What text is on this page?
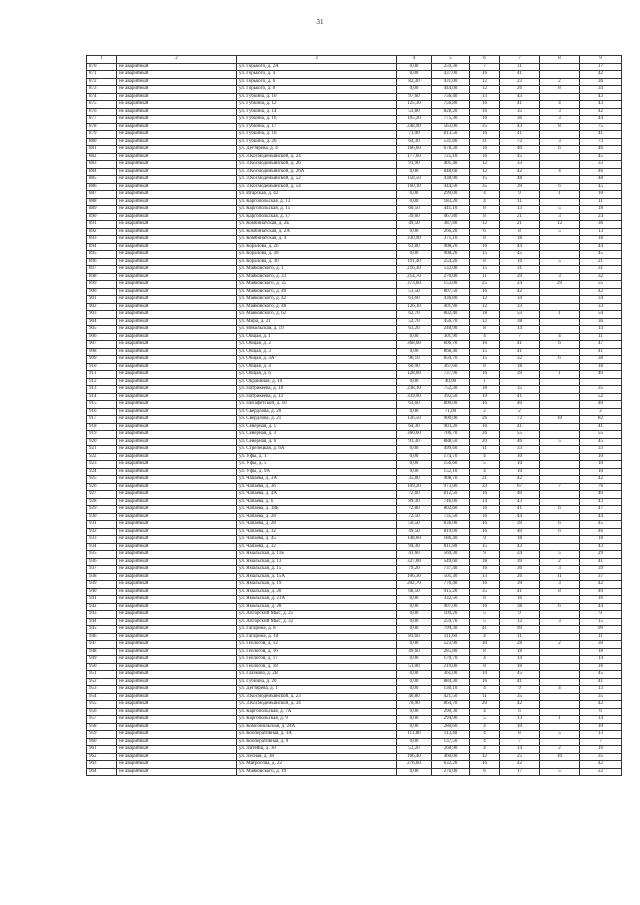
31
1	2	3	4	5	6	7	8	9
870	не аварийный	ул. Горького, д. 2А	0,00	259,30	7	11		17
871	не аварийный	ул. Горького, д. 4	0,00	437,00	16	41		42
872	не аварийный	ул. Горького, д. 6	82,30	431,00	12	23	2	36
873	не аварийный	ул. Горького, д. 8	0,00	444,00	12	26	8	34
874	не аварийный	ул. Губкина, д. 10	97,60	756,40	13	43		43
875	не аварийный	ул. Губкина, д. 12	125,30	756,80	16	41	4	43
876	не аварийный	ул. Губкина, д. 14	53,80	828,20	16	35	3	42
877	не аварийный	ул. Губкина, д. 16	105,20	775,30	16	36	3	44
878	не аварийный	ул. Губкина, д. 17	248,90	563,00	35	43	8	75
879	не аварийный	ул. Губкина, д. 18	71,90	813,50	16	41		41
880	не аварийный	ул. Губкина, д. 20	64,30	531,80	31	72	3	73
881	не аварийный	ул. Дегтярёва, д. 4	166,60	678,30	16	40	6	46
882	не аварийный	ул. З.Космодемьянской, д. 24	177,60	725,10	16	45		45
883	не аварийный	ул. З.Космодемьянской, д. 26	91,90	401,40	12	33		33
884	не аварийный	ул. З.Космодемьянской, д. 26А	0,00	848,60	12	42	4	46
885	не аварийный	ул. З.Космодемьянской, д. 52	158,50	438,90	15	48		48
886	не аварийный	ул. З.Космодемьянской, д. 54	160,10	444,50	35	39	6	45
887	не аварийный	ул. Игарская, д. 42	0,00	299,00	4	9	1	10
888	не аварийный	ул. Каргопольская, д. 13	0,00	183,20	4	11		11
889	не аварийный	ул. Каргопольская, д. 15	60,50	441,10	8	13	5	18
890	не аварийный	ул. Каргопольская, д. 17	39,60	467,80	8	21	3	24
891	не аварийный	ул. Комбинатская, д. 2Б	49,50	387,80	12	21	12	36
892	не аварийный	ул. Комбинатская, д. 2А	0,00	266,20	6	8	5	13
893	не аварийный	ул. Комбинатская, д. 4	330,90	371,10	8	18		18
894	не аварийный	ул. Коралова, д. 26	63,80	908,20	16	44		44
895	не аварийный	ул. Коралова, д. 28	0,00	908,20	15	45		45
896	не аварийный	ул. Коралова, д. 30	191,40	254,20	8	16	5	21
897	не аварийный	ул. Маяковского, д. 1	216,30	532,00	15	31		31
898	не аварийный	ул. Маяковского, д. 23	214,70	270,00	11	29	3	32
899	не аварийный	ул. Маяковского, д. 35	373,60	153,00	25	24	29	55
900	не аварийный	ул. Маяковского, д. 40	51,50	807,50	16	42		42
901	не аварийный	ул. Маяковского, д. 42	61,60	436,80	12	34		34
902	не аварийный	ул. Маяковского, д. 48	126,10	401,90	12	33		33
903	не аварийный	ул. Маяковского, д. 62	62,70	802,40	18	53	1	54
904	не аварийный	ул. Мира, д. 21	52,70	456,70	12	38		36
905	не аварийный	ул. Никольская, д. 19	63,20	240,90	8	14		14
906	не аварийный	ул. Общая, д. 1	0,00	301,90	4	7	4	11
907	не аварийный	ул. Общая, д. 2	368,60	606,70	16	41	6	47
908	не аварийный	ул. Общая, д. 3	0,00	868,40	15	41		41
909	не аварийный	ул. Общая, д. 3А	96,10	850,70	15	32	6	38
910	не аварийный	ул. Общая, д. 4	60,90	367,60	8	18		18
911	не аварийный	ул. Общая, д. 6	128,00	737,90	16	39	1	40
912	не аварийный	ул. Окраинная, д. 16	0,00	40,00	1			
913	не аварийный	ул. Патрикеева, д. 10	238,10	752,30	18	35		35
914	не аварийный	ул. Патрикеева, д. 12	339,90	392,50	19	41		52
915	не аварийный	ул. Пигафетской, д. 10	63,60	800,00	16	40		40
916	не аварийный	ул. Свердлова, д. 20	0,00	71,00	2	2		2
917	не аварийный	ул. Свердлова, д. 21	136,50	900,00	26	72	10	82
918	не аварийный	ул. Северная, д. 1	64,30	903,20	16	41		41
919	не аварийный	ул. Северная, д. 3	360,60	706,70	26	55		55
920	не аварийный	ул. Северная, д. 6	91,30	888,50	20	46	5	45
921	не аварийный	ул. Стрелецкая, д. 6А	0,00	499,60	11	33		33
922	не аварийный	ул. Уфы, д. 1	0,00	174,70	4	10		10
923	не аварийный	ул. Уфы, д. 5	0,00	156,60	5	10		10
924	не аварийный	ул. Уфы, д. 9А	0,00	152,10	4	10		10
925	не аварийный	ул. Чапаева, д. 3А	35,80	908,70	21	42		42
926	не аварийный	ул. Чапаева, д. 36	109,20	973,00	23	67	7	76
927	не аварийный	ул. Чапаева, д. 4А	72,60	812,50	16	40		40
928	не аварийный	ул. Чапаева, д. 6	89,30	746,00	14	43		43
929	не аварийный	ул. Чапаева, д. 18Б	72,80	802,60	16	41	6	47
930	не аварийный	ул. Чапаева, д. 28	72,50	735,50	16	44		44
931	не аварийный	ул. Чапаева, д. 28	50,50	836,00	16	39	6	45
932	не аварийный	ул. Чапаева, д. 32	49,50	819,00	16	40	6	46
933	не аварийный	ул. Чапаева, д. 45	148,60	186,40	9	18		18
934	не аварийный	ул. Чапаева, д. 32	94,30	811,80	15	43		43
935	не аварийный	ул. Ямальская, д. 11Б	41,60	569,30	9	24	5	29
936	не аварийный	ул. Ямальская, д. 13	327,00	549,60	18	39	2	41
937	не аварийный	ул. Ямальская, д. 15	79,20	737,40	16	36	3	39
938	не аварийный	ул. Ямальская, д. 15А	106,30	501,30	13	26	11	37
939	не аварийный	ул. Ямальская, д. 19	202,70	776,40	16	39	3	42
940	не аварийный	ул. Ямальская, д. 20	68,50	915,20	35	41	8	49
941	не аварийный	ул. Ямальская, д. 21А	0,00	332,50	6	16		16
942	не аварийный	ул. Ямальская, д. 28	0,00	907,00	16	38	6	44
943	не аварийный	ул. Ангарский Мыс, д. 25	0,00	109,20	5	9		9
944	не аварийный	ул. Ангарский Мыс, д. 32	0,00	259,70	5	12	3	15
945	не аварийный	ул. Гагарина, д. 8	0,00	799,30	41	99		99
946	не аварийный	ул. Гагарина, д. 10	81,60	111,60	4	11		11
947	не аварийный	ул. Геологов, д. 12	0,00	523,90	10	28	2	30
948	не аварийный	ул. Геологов, д. 16	49,60	285,80	8	18		18
949	не аварийный	ул. Геологов, д. 17	0,00	170,70	4	14		14
950	не аварийный	ул. Геологов, д. 18	51,00	219,00	8	16		16
951	не аварийный	ул. Глазкова, д. 2В	0,00	361,00	14	45		45
952	не аварийный	ул. Губкина, д. 20	0,00	884,30	16	41		41
953	не аварийный	ул. Дегтярёва, д. 1	0,00	130,10	4	9	4	13
954	не аварийный	ул. З.Космодемьянской, д. 23	40,80	421,50	11	35		35
955	не аварийный	ул. З.Космодемьянской, д. 34	70,90	864,70	20	42		42
956	не аварийный	ул. Каргопольская, д. 7А	0,00	290,30	4	6		6
957	не аварийный	ул. Каргопольская, д. 9	0,00	294,90	5	13	1	14
958	не аварийный	ул. Комсомольская, д. 24А	0,00	280,60	4	10		10
959	не аварийный	ул. Кооперативная, д. 3А	111,80	113,40	4	8	5	13
960	не аварийный	ул. Кооперативная, д. 9	0,00	137,50	4	7		7
961	не аварийный	ул. Литейщ, д. 30	53,20	268,90	4	14	2	16
962	не аварийный	ул. Лесная, д. 38	106,40	460,00	12	25	10	35
963	не аварийный	ул. Матросова, д. 22	276,60	632,20	16	42		42
964	не аварийный	ул. Маяковского, д. 19	0,00	276,00	6	17	5	22
